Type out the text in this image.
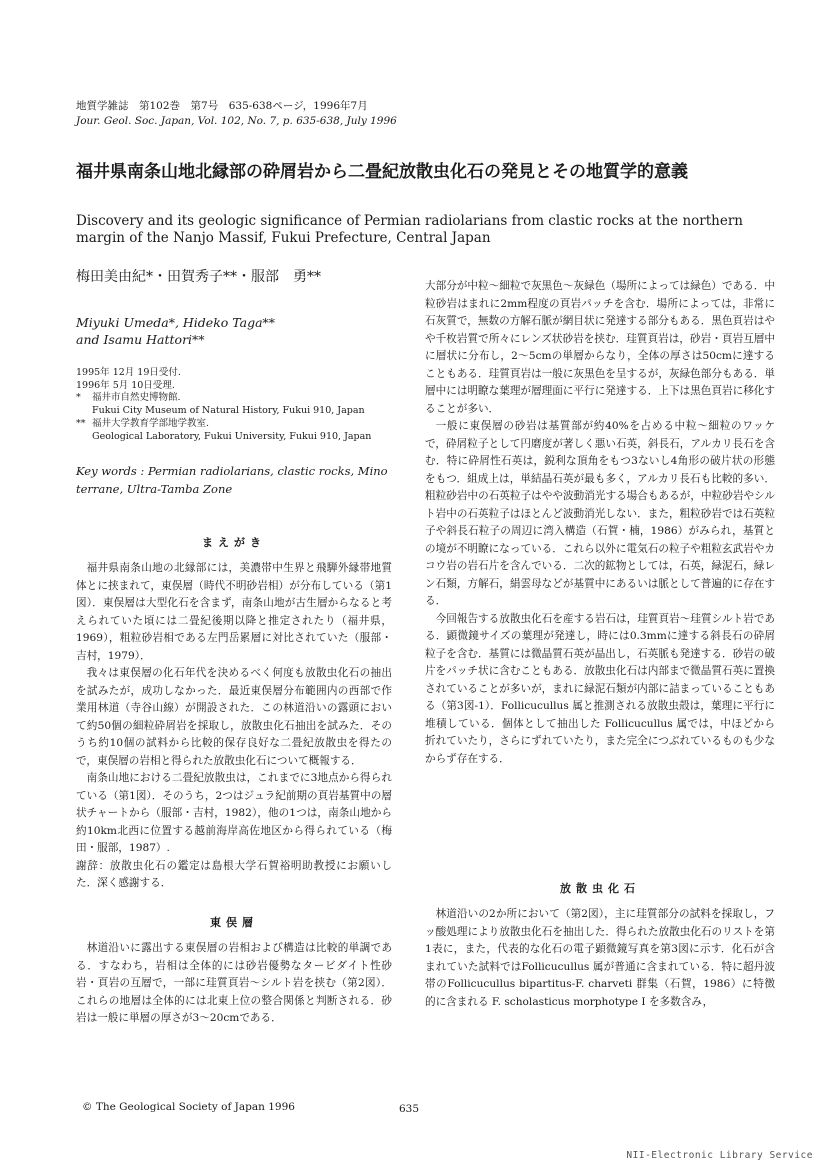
地質学雑誌　第102巻　第7号　635-638ページ，1996年7月
Jour. Geol. Soc. Japan, Vol. 102, No. 7, p. 635-638, July 1996
福井県南条山地北縁部の砕屑岩から二畳紀放散虫化石の発見とその地質学的意義
Discovery and its geologic significance of Permian radiolarians from clastic rocks at the northern margin of the Nanjo Massif, Fukui Prefecture, Central Japan
梅田美由紀*・田賀秀子**・服部　勇**
Miyuki Umeda*, Hideko Taga**
and Isamu Hattori**
1995年 12月 19日受付.
1996年 5月 10日受理.
*	福井市自然史博物館.
Fukui City Museum of Natural History, Fukui 910, Japan
** 福井大学教育学部地学教室.
Geological Laboratory, Fukui University, Fukui 910, Japan
Key words : Permian radiolarians, clastic rocks, Mino terrane, Ultra-Tamba Zone
まえがき

福井県南条山地の北縁部には，美濃帯中生界と飛騨外縁帯地質体とに挟まれて，東俣層（時代不明砂岩相）が分布している（第1図）．東俣層は大型化石を含まず，南条山地が古生層からなると考えられていた頃には二畳紀後期以降と推定されたり（福井県，1969），粗粒砂岩相である左門岳累層に対比されていた（服部・吉村，1979）．

我々は東俣層の化石年代を決めるべく何度も放散虫化石の抽出を試みたが，成功しなかった．最近東俣層分布範囲内の西部で作業用林道（寺谷山線）が開設された．この林道沿いの露頭において約50個の細粒砕屑岩を採取し，放散虫化石抽出を試みた．そのうち約10個の試料から比較的保存良好な二畳紀放散虫を得たので，東俣層の岩相と得られた放散虫化石について概報する．

南条山地における二畳紀放散虫は，これまでに3地点から得られている（第1図）．そのうち，2つはジュラ紀前期の頁岩基質中の層状チャートから（服部・吉村，1982），他の1つは，南条山地から約10km北西に位置する越前海岸高佐地区から得られている（梅田・服部，1987）.

謝辞：放散虫化石の鑑定は島根大学石賀裕明助教授にお願いした．深く感謝する．

東俣層

林道沿いに露出する東俣層の岩相および構造は比較的単調である．すなわち，岩相は全体的には砂岩優勢なタービダイト性砂岩・頁岩の互層で，一部に珪質頁岩～シルト岩を挟む（第2図）．これらの地層は全体的には北東上位の整合関係と判断される．砂岩は一般に単層の厚さが3～20cmである．

大部分が中粒～細粒で灰黒色～灰緑色（場所によっては緑色）である．中粒砂岩はまれに2mm程度の頁岩パッチを含む．場所によっては，非常に石灰質で，無数の方解石脈が網目状に発達する部分もある．黒色頁岩はやや千枚岩質で所々にレンズ状砂岩を挟む．珪質頁岩は，砂岩・頁岩互層中に層状に分布し，2～5cmの単層からなり，全体の厚さは50cmに達することもある．珪質頁岩は一般に灰黒色を呈するが，灰緑色部分もある．単層中には明瞭な葉理が層理面に平行に発達する．上下は黒色頁岩に移化することが多い．

一般に東俣層の砂岩は基質部が約40%を占める中粒～細粒のワッケで，砕屑粒子として円磨度が著しく悪い石英，斜長石，アルカリ長石を含む．特に砕屑性石英は，鋭利な頂角をもつ3ないし4角形の破片状の形態をもつ．組成上は，単結晶石英が最も多く，アルカリ長石も比較的多い．粗粒砂岩中の石英粒子はやや波動消光する場合もあるが，中粒砂岩やシルト岩中の石英粒子はほとんど波動消光しない．また，粗粒砂岩では石英粒子や斜長石粒子の周辺に湾入構造（石賀・楠，1986）がみられ，基質との境が不明瞭になっている．これら以外に電気石の粒子や粗粒玄武岩やカコウ岩の岩石片を含んでいる．二次的鉱物としては，石英，緑泥石，緑レン石類，方解石，絹雲母などが基質中にあるいは脈として普遍的に存在する．

今回報告する放散虫化石を産する岩石は，珪質頁岩～珪質シルト岩である．顕微鏡サイズの葉理が発達し，時には0.3mmに達する斜長石の砕屑粒子を含む．基質には微晶質石英が晶出し，石英脈も発達する．砂岩の破片をパッチ状に含むこともある．放散虫化石は内部まで微晶質石英に置換されていることが多いが，まれに緑泥石類が内部に詰まっていることもある（第3図-1）．Follicucullus 属と推測される放散虫殻は，葉理に平行に堆積している．個体として抽出した Follicucullus 属では，中ほどから折れていたり，さらにずれていたり，また完全につぶれているものも少なからず存在する．

放散虫化石

林道沿いの2か所において（第2図），主に珪質部分の試料を採取し，フッ酸処理により放散虫化石を抽出した．得られた放散虫化石のリストを第1表に，また，代表的な化石の電子顕微鏡写真を第3図に示す．化石が含まれていた試料ではFollicucullus 属が普通に含まれている．特に超丹波帯のFollicucullus bipartitus-F. charveti 群集（石賀，1986）に特徴的に含まれる F. scholasticus morphotype I を多数含み，

© The Geological Society of Japan 1996	635
NII-Electronic Library Service
